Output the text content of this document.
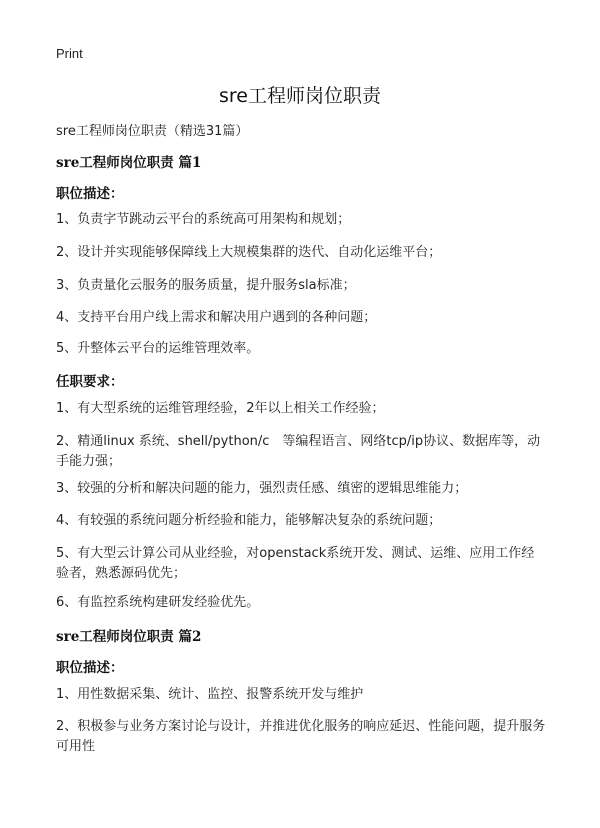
Print
sre工程师岗位职责
sre工程师岗位职责（精选31篇）
sre工程师岗位职责 篇1
职位描述：
1、负责字节跳动云平台的系统高可用架构和规划；
2、设计并实现能够保障线上大规模集群的迭代、自动化运维平台；
3、负责量化云服务的服务质量，提升服务sla标准；
4、支持平台用户线上需求和解决用户遇到的各种问题；
5、升整体云平台的运维管理效率。
任职要求：
1、有大型系统的运维管理经验，2年以上相关工作经验；
2、精通linux 系统、shell/python/c　等编程语言、网络tcp/ip协议、数据库等，动手能力强；
3、较强的分析和解决问题的能力，强烈责任感、缜密的逻辑思维能力；
4、有较强的系统问题分析经验和能力，能够解决复杂的系统问题；
5、有大型云计算公司从业经验，对openstack系统开发、测试、运维、应用工作经验者，熟悉源码优先；
6、有监控系统构建研发经验优先。
sre工程师岗位职责 篇2
职位描述：
1、用性数据采集、统计、监控、报警系统开发与维护
2、积极参与业务方案讨论与设计，并推进优化服务的响应延迟、性能问题，提升服务可用性
